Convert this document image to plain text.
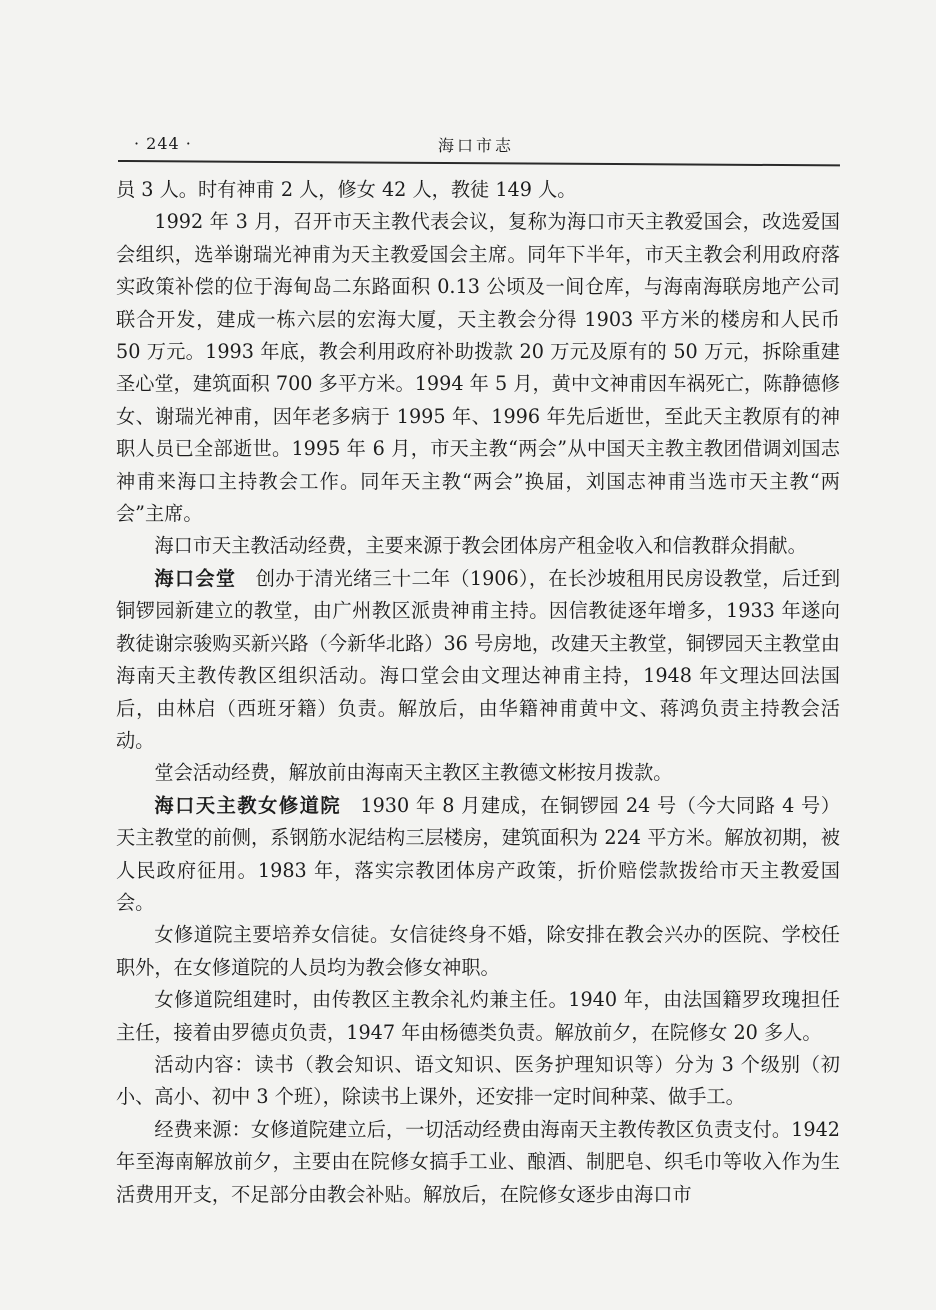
· 244 ·	海口市志

员 3 人。时有神甫 2 人，修女 42 人，教徒 149 人。

1992 年 3 月，召开市天主教代表会议，复称为海口市天主教爱国会，改选爱国会组织，选举谢瑞光神甫为天主教爱国会主席。同年下半年，市天主教会利用政府落实政策补偿的位于海甸岛二东路面积 0.13 公顷及一间仓库，与海南海联房地产公司联合开发，建成一栋六层的宏海大厦，天主教会分得 1903 平方米的楼房和人民币 50 万元。1993 年底，教会利用政府补助拨款 20 万元及原有的 50 万元，拆除重建圣心堂，建筑面积 700 多平方米。1994 年 5 月，黄中文神甫因车祸死亡，陈静德修女、谢瑞光神甫，因年老多病于 1995 年、1996 年先后逝世，至此天主教原有的神职人员已全部逝世。1995 年 6 月，市天主教“两会”从中国天主教主教团借调刘国志神甫来海口主持教会工作。同年天主教“两会”换届，刘国志神甫当选市天主教“两会”主席。

海口市天主教活动经费，主要来源于教会团体房产租金收入和信教群众捐献。

海口会堂  创办于清光绪三十二年（1906），在长沙坡租用民房设教堂，后迁到铜锣园新建立的教堂，由广州教区派贵神甫主持。因信教徒逐年增多，1933 年遂向教徒谢宗骏购买新兴路（今新华北路）36 号房地，改建天主教堂，铜锣园天主教堂由海南天主教传教区组织活动。海口堂会由文理达神甫主持，1948 年文理达回法国后，由林启（西班牙籍）负责。解放后，由华籍神甫黄中文、蒋鸿负责主持教会活动。

堂会活动经费，解放前由海南天主教区主教德文彬按月拨款。

海口天主教女修道院  1930 年 8 月建成，在铜锣园 24 号（今大同路 4 号）天主教堂的前侧，系钢筋水泥结构三层楼房，建筑面积为 224 平方米。解放初期，被人民政府征用。1983 年，落实宗教团体房产政策，折价赔偿款拨给市天主教爱国会。

女修道院主要培养女信徒。女信徒终身不婚，除安排在教会兴办的医院、学校任职外，在女修道院的人员均为教会修女神职。

女修道院组建时，由传教区主教余礼灼兼主任。1940 年，由法国籍罗玫瑰担任主任，接着由罗德贞负责，1947 年由杨德类负责。解放前夕，在院修女 20 多人。

活动内容：读书（教会知识、语文知识、医务护理知识等）分为 3 个级别（初小、高小、初中 3 个班），除读书上课外，还安排一定时间种菜、做手工。

经费来源：女修道院建立后，一切活动经费由海南天主教传教区负责支付。1942 年至海南解放前夕，主要由在院修女搞手工业、酿酒、制肥皂、织毛巾等收入作为生活费用开支，不足部分由教会补贴。解放后，在院修女逐步由海口市
